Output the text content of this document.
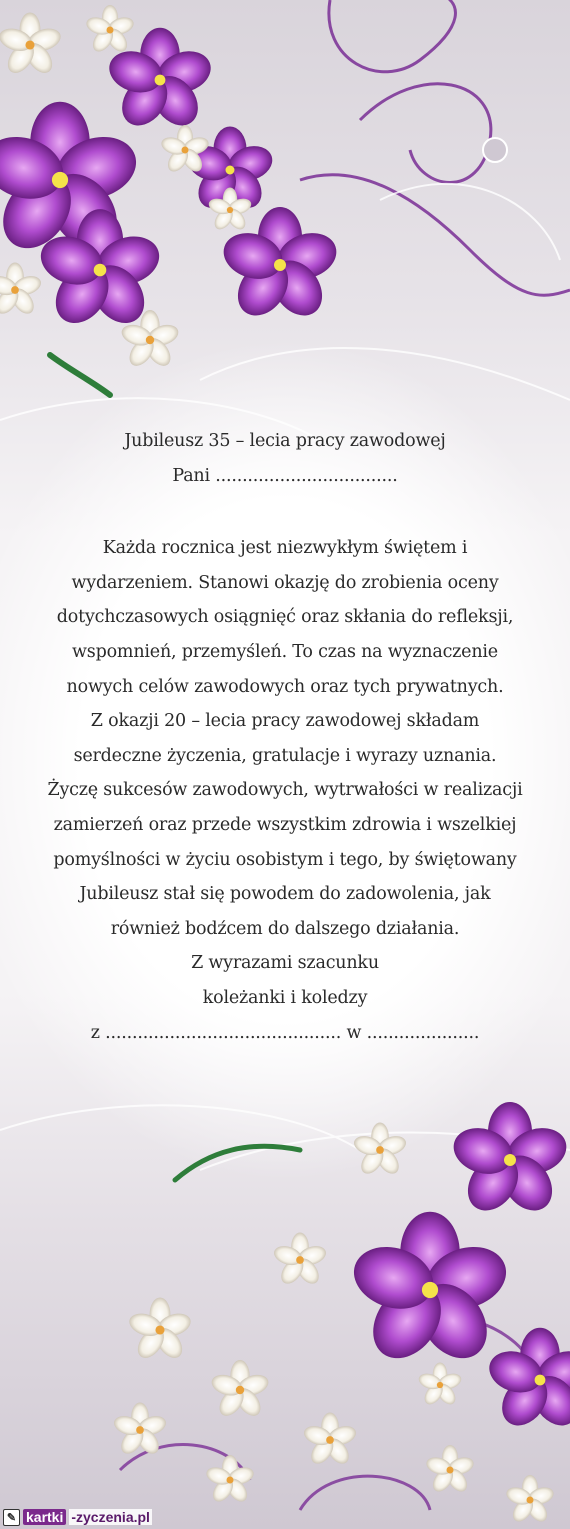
Jubileusz 35 – lecia pracy zawodowej
Pani ..................................
Każda rocznica jest niezwykłym świętem i
wydarzeniem. Stanowi okazję do zrobienia oceny
dotychczasowych osiągnięć oraz skłania do refleksji,
wspomnień, przemyśleń. To czas na wyznaczenie
nowych celów zawodowych oraz tych prywatnych.
Z okazji 20 – lecia pracy zawodowej składam
serdeczne życzenia, gratulacje i wyrazy uznania.
Życzę sukcesów zawodowych, wytrwałości w realizacji
zamierzeń oraz przede wszystkim zdrowia i wszelkiej
pomyślności w życiu osobistym i tego, by świętowany
Jubileusz stał się powodem do zadowolenia, jak
również bodźcem do dalszego działania.
Z wyrazami szacunku
koleżanki i koledzy
z ............................................ w .....................
✎ kartki -zyczenia.pl
